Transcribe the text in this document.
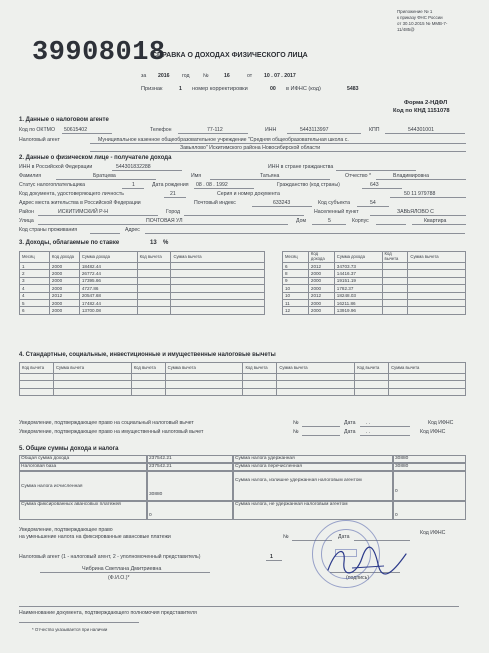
Приложение № 1
к приказу ФНС России
от 30.10.2015 № ММВ-7-
11/485@
39908018
СПРАВКА О ДОХОДАХ ФИЗИЧЕСКОГО ЛИЦА
за 2016 год	№	16	от 10 . 07 . 2017
Признак	1 номер корректировки	00 в ИФНС (код)	5483
Форма 2-НДФЛ
Код по КНД 1151078
1. Данные о налоговом агенте
Код по ОКТМО 50615402	Телефон	77-112	ИНН	5443113997	КПП	544301001
Налоговый агент	Муниципальное казенное общеобразовательное учреждение "Средняя общеобразовательная школа с.
Завьялово" Искитимского района Новосибирской области
2. Данные о физическом лице - получателе дохода
ИНН в Российской Федерации	544301832288	ИНН в стране гражданства
Фамилия	Братцева	Имя	Татьяна	Отчество *	Владимировна
Статус налогоплательщика	1	Дата рождения 08 . 08 . 1992	Гражданство (код страны)	643
Код документа, удостоверяющего личность	21	Серия и номер документа	50 11 979788
Адрес места жительства в Российской Федерации	Почтовый индекс	633243	Код субъекта	54
Район	ИСКИТИМСКИЙ Р-Н	Город	Населенный пункт	ЗАВЬЯЛОВО С
Улица	ПОЧТОВАЯ УЛ	Дом	5	Корпус	Квартира
Код страны проживания	Адрес
3. Доходы, облагаемые по ставке	13 %
Месяц	Код дохода	Сумма дохода	Код вычета	Сумма вычета
1	2000	18482.44		
2	2000	26772.44		
3	2000	17395.66		
4	2000	4727.86		
4	2012	20547.68		
5	2000	17482.44		
6	2000	13700.08		
Месяц	Код дохода	Сумма дохода	Код вычета	Сумма вычета
6	2012	34703.73		
8	2000	14416.37		
9	2000	19151.19		
10	2000	1782.37		
10	2012	18248.03		
11	2000	16211.86		
12	2000	13919.96		
4. Стандартные, социальные, инвестиционные и имущественные налоговые вычеты
Код вычета	Сумма вычета	Код вычета	Сумма вычета	Код вычета	Сумма вычета	Код вычета	Сумма вычета

Уведомление, подтверждающее право на социальный налоговый вычет	№	Дата . .	Код ИФНС
Уведомление, подтверждающее право на имущественный налоговый вычет	№	Дата . .	Код ИФНС
5. Общие суммы дохода и налога
Общая сумма дохода	237542.21
Налоговая база	237542.21
Сумма налога исчисленная
30880
Сумма фиксированных авансовых платежей
0
Сумма налога удержанная	30880
Сумма налога перечисленная	30880
Сумма налога, излишне удержанная налоговым агентом
0
Сумма налога, не удержанная налоговым агентом
0
Уведомление, подтверждающее право
на уменьшение налога на фиксированные авансовые платежи	№	Дата
Код ИФНС
Налоговый агент (1 - налоговый агент, 2 - уполномоченный представитель)	1
Чибрина Светлана Дмитриевна
(Ф.И.О.)*	(подпись)
Наименование документа, подтверждающего полномочия представителя
* Отчество указывается при наличии
